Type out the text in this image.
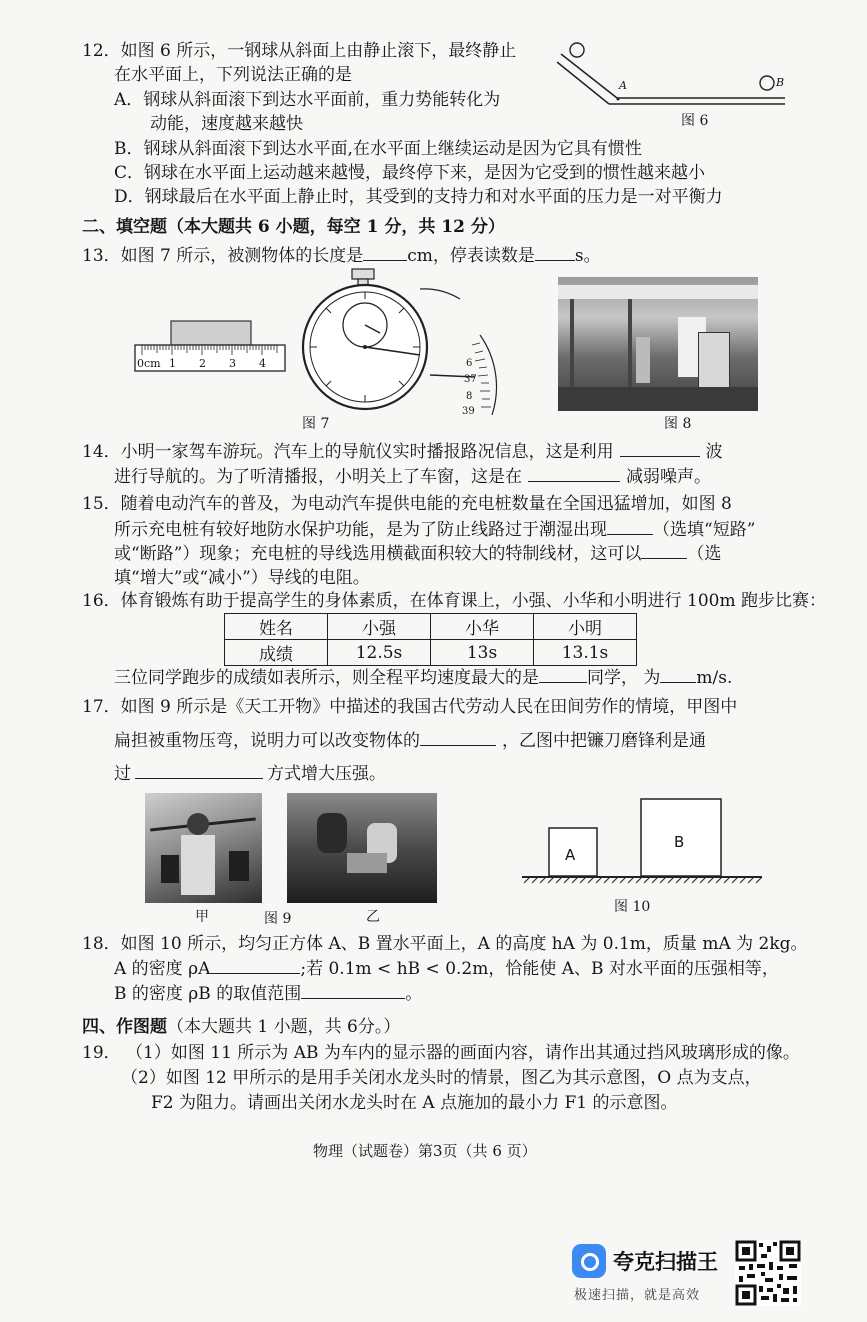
12．如图 6 所示，一钢球从斜面上由静止滚下，最终静止
在水平面上，下列说法正确的是
A．钢球从斜面滚下到达水平面前，重力势能转化为
动能，速度越来越快
B．钢球从斜面滚下到达水平面,在水平面上继续运动是因为它具有惯性
C．钢球在水平面上运动越来越慢，最终停下来，是因为它受到的惯性越来越小
D．钢球最后在水平面上静止时，其受到的支持力和对水平面的压力是一对平衡力
A	B
图 6
二、填空题（本大题共 6 小题，每空 1 分，共 12 分）
13．如图 7 所示，被测物体的长度是	cm，停表读数是 s。
0cm 1 2 3 4	6
37
8
39
图 7	图 8
14．小明一家驾车游玩。汽车上的导航仪实时播报路况信息，这是利用	波
进行导航的。为了听清播报，小明关上了车窗，这是在	减弱噪声。
15．随着电动汽车的普及，为电动汽车提供电能的充电桩数量在全国迅猛增加，如图 8
所示充电桩有较好地防水保护功能，是为了防止线路过于潮湿出现	（选填“短路”
或“断路”）现象；充电桩的导线选用横截面积较大的特制线材，这可以	（选
填“增大”或“减小”）导线的电阻。
16．体育锻炼有助于提高学生的身体素质，在体育课上，小强、小华和小明进行 100m 跑步比赛：
姓名	小强	小华	小明
成绩	12.5s	13s	13.1s
三位同学跑步的成绩如表所示，则全程平均速度最大的是	同学， 为 m/s.
17．如图 9 所示是《天工开物》中描述的我国古代劳动人民在田间劳作的情境，甲图中
扁担被重物压弯，说明力可以改变物体的	，乙图中把镰刀磨锋利是通
过	方式增大压强。
甲	图 9	乙
A
B
图 10
18．如图 10 所示，均匀正方体 A、B 置水平面上，A 的高度 hA 为 0.1m，质量 mA 为 2kg。
A 的密度 ρA	;若 0.1m < hB < 0.2m，恰能使 A、B 对水平面的压强相等，
B 的密度 ρB 的取值范围	。
四、作图题（本大题共 1 小题，共 6分。）
19． （1）如图 11 所示为 AB 为车内的显示器的画面内容，请作出其通过挡风玻璃形成的像。
（2）如图 12 甲所示的是用手关闭水龙头时的情景，图乙为其示意图，O 点为支点，
F2 为阻力。请画出关闭水龙头时在 A 点施加的最小力 F1 的示意图。
物理（试题卷）第3页（共 6 页）
夸克扫描王
极速扫描，就是高效
